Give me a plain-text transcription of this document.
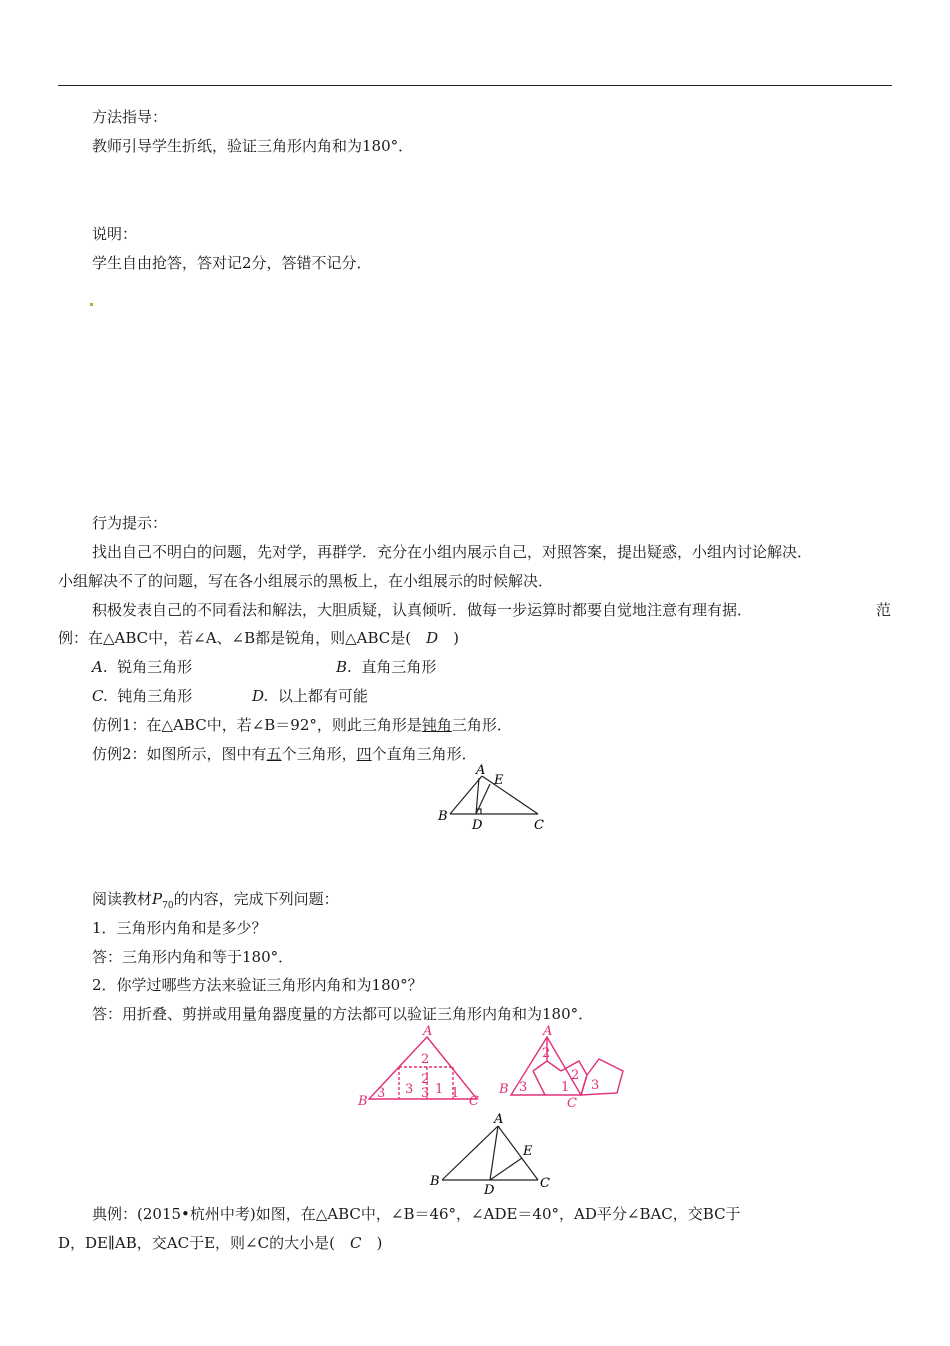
方法指导：
教师引导学生折纸，验证三角形内角和为180°．
说明：
学生自由抢答，答对记2分，答错不记分．
行为提示：
找出自己不明白的问题，先对学，再群学．充分在小组内展示自己，对照答案，提出疑惑，小组内讨论解决．
小组解决不了的问题，写在各小组展示的黑板上，在小组展示的时候解决．
积极发表自己的不同看法和解法，大胆质疑，认真倾听．做每一步运算时都要自觉地注意有理有据．	范
例：在△ABC中，若∠A、∠B都是锐角，则△ABC是(　D　)
A. 锐角三角形	B. 直角三角形
C. 钝角三角形	D. 以上都有可能
仿例1：在△ABC中，若∠B＝92°，则此三角形是钝角三角形．
仿例2：如图所示，图中有五个三角形，四个直角三角形．
A
E
B
D	C
阅读教材$P_{70}$的内容，完成下列问题：
1．三角形内角和是多少？
答：三角形内角和等于180°．
2．你学过哪些方法来验证三角形内角和为180°？
答：用折叠、剪拼或用量角器度量的方法都可以验证三角形内角和为180°．
A
B	C
2
3 3
2
3 1 1
A
B
C
2
3	1
2
3
A
B
D	C
E
典例：(2015•杭州中考)如图，在△ABC中，∠B＝46°，∠ADE＝40°，AD平分∠BAC，交BC于
D，DE∥AB，交AC于E，则∠C的大小是(　C　)
